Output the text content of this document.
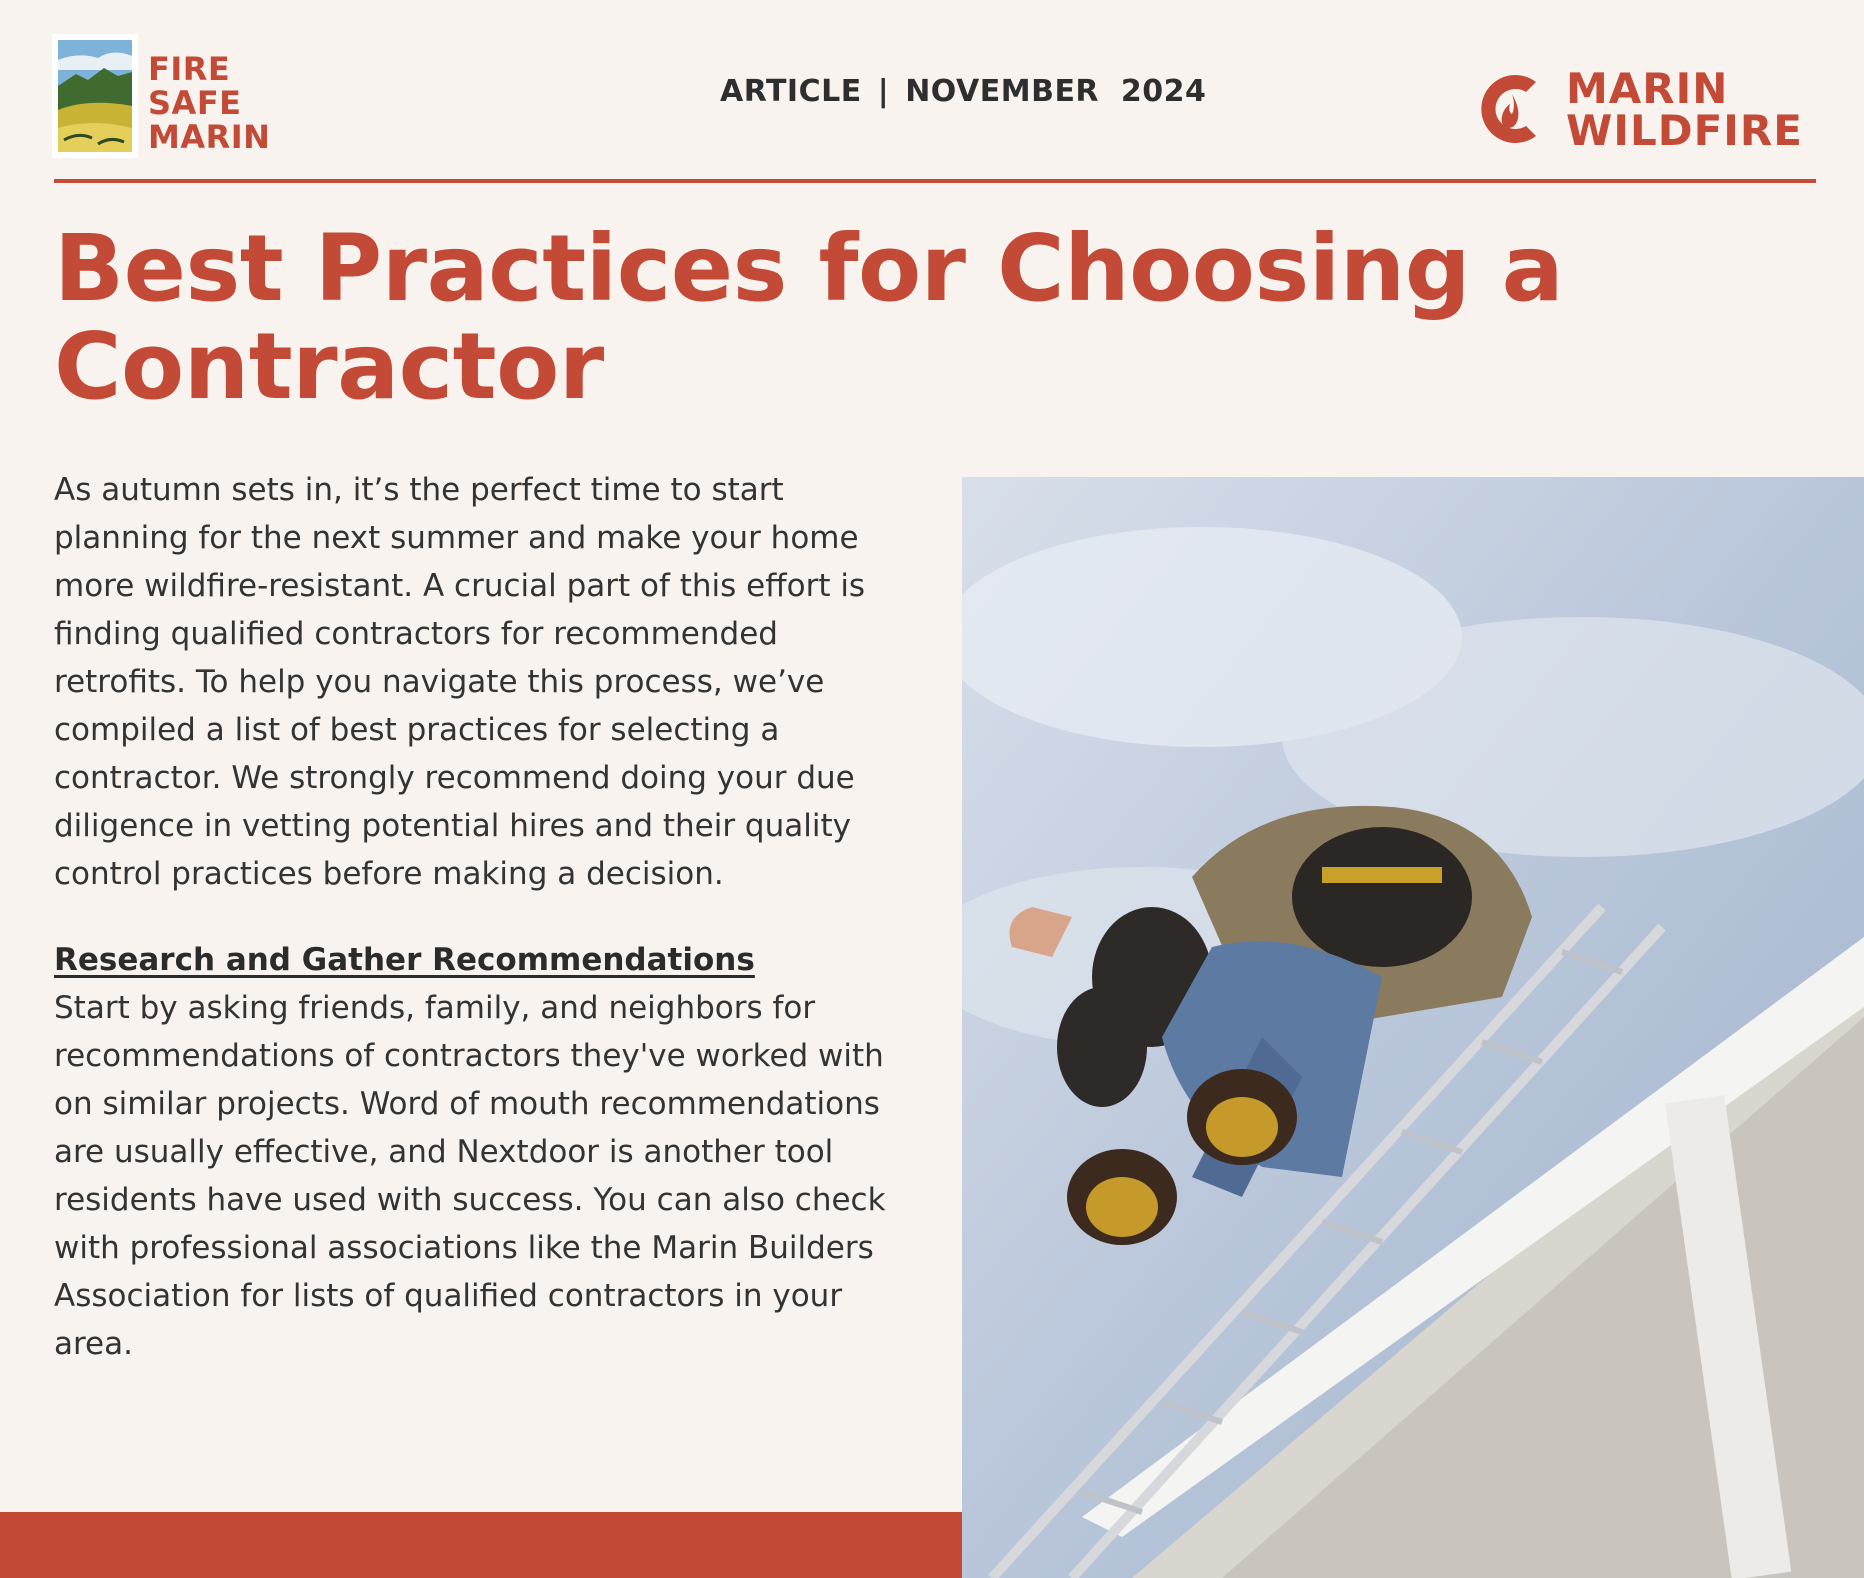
FIRE
SAFE
MARIN
ARTICLE | NOVEMBER  2024	MARIN
WILDFIRE
Best Practices for Choosing a Contractor

As autumn sets in, it’s the perfect time to start planning for the next summer and make your home more wildfire-resistant. A crucial part of this effort is finding qualified contractors for recommended retrofits. To help you navigate this process, we’ve compiled a list of best practices for selecting a contractor. We strongly recommend doing your due diligence in vetting potential hires and their quality control practices before making a decision.

Research and Gather Recommendations
Start by asking friends, family, and neighbors for recommendations of contractors they've worked with on similar projects. Word of mouth recommendations are usually effective, and Nextdoor is another tool residents have used with success. You can also check with professional associations like the Marin Builders Association for lists of qualified contractors in your area.
